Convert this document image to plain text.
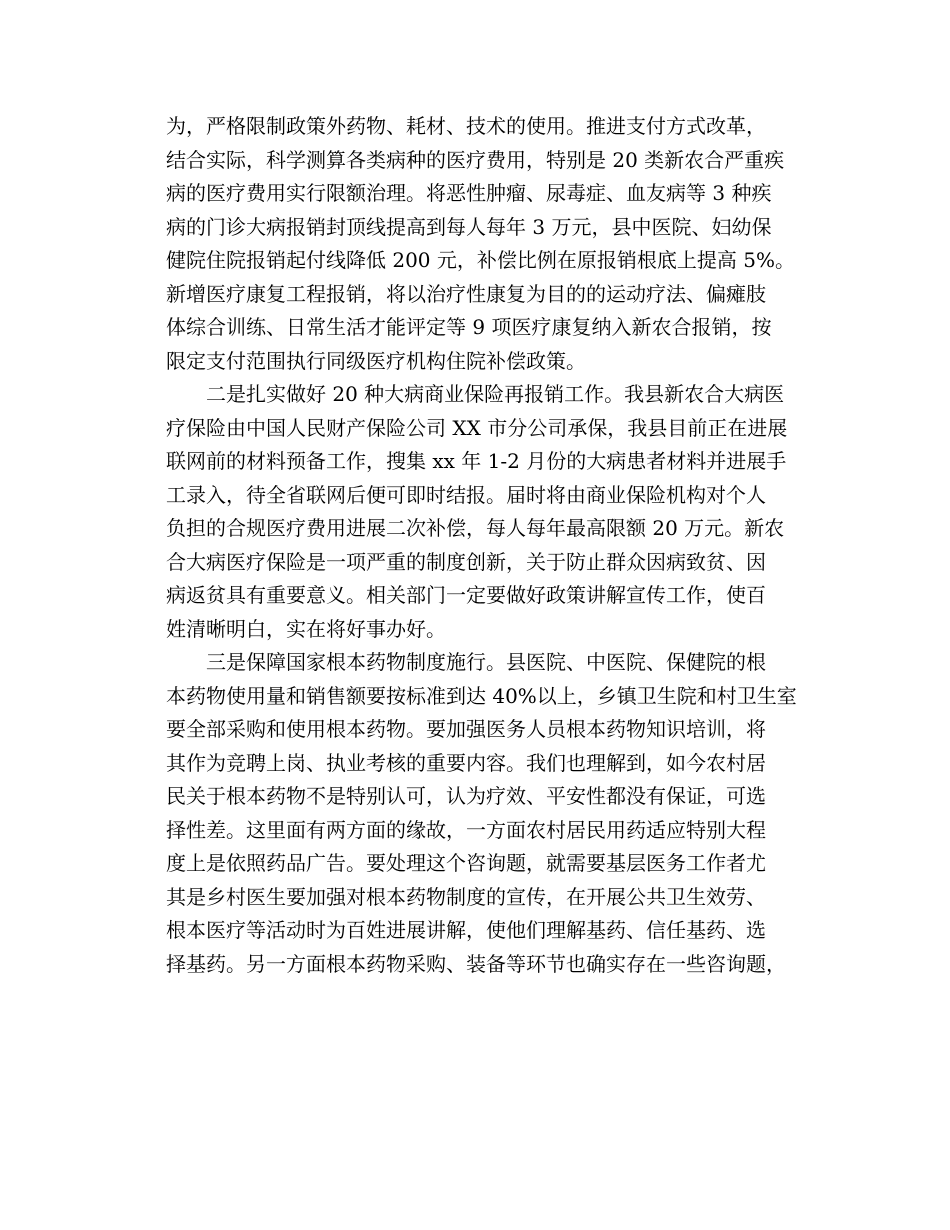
为，严格限制政策外药物、耗材、技术的使用。推进支付方式改革，
结合实际，科学测算各类病种的医疗费用，特别是 20 类新农合严重疾
病的医疗费用实行限额治理。将恶性肿瘤、尿毒症、血友病等 3 种疾
病的门诊大病报销封顶线提高到每人每年 3 万元，县中医院、妇幼保
健院住院报销起付线降低 200 元，补偿比例在原报销根底上提高 5%。
新增医疗康复工程报销，将以治疗性康复为目的的运动疗法、偏瘫肢
体综合训练、日常生活才能评定等 9 项医疗康复纳入新农合报销，按
限定支付范围执行同级医疗机构住院补偿政策。
二是扎实做好 20 种大病商业保险再报销工作。我县新农合大病医
疗保险由中国人民财产保险公司 XX 市分公司承保，我县目前正在进展
联网前的材料预备工作，搜集 xx 年 1-2 月份的大病患者材料并进展手
工录入，待全省联网后便可即时结报。届时将由商业保险机构对个人
负担的合规医疗费用进展二次补偿，每人每年最高限额 20 万元。新农
合大病医疗保险是一项严重的制度创新，关于防止群众因病致贫、因
病返贫具有重要意义。相关部门一定要做好政策讲解宣传工作，使百
姓清晰明白，实在将好事办好。
三是保障国家根本药物制度施行。县医院、中医院、保健院的根
本药物使用量和销售额要按标准到达 40%以上，乡镇卫生院和村卫生室
要全部采购和使用根本药物。要加强医务人员根本药物知识培训，将
其作为竞聘上岗、执业考核的重要内容。我们也理解到，如今农村居
民关于根本药物不是特别认可，认为疗效、平安性都没有保证，可选
择性差。这里面有两方面的缘故，一方面农村居民用药适应特别大程
度上是依照药品广告。要处理这个咨询题，就需要基层医务工作者尤
其是乡村医生要加强对根本药物制度的宣传，在开展公共卫生效劳、
根本医疗等活动时为百姓进展讲解，使他们理解基药、信任基药、选
择基药。另一方面根本药物采购、装备等环节也确实存在一些咨询题，
